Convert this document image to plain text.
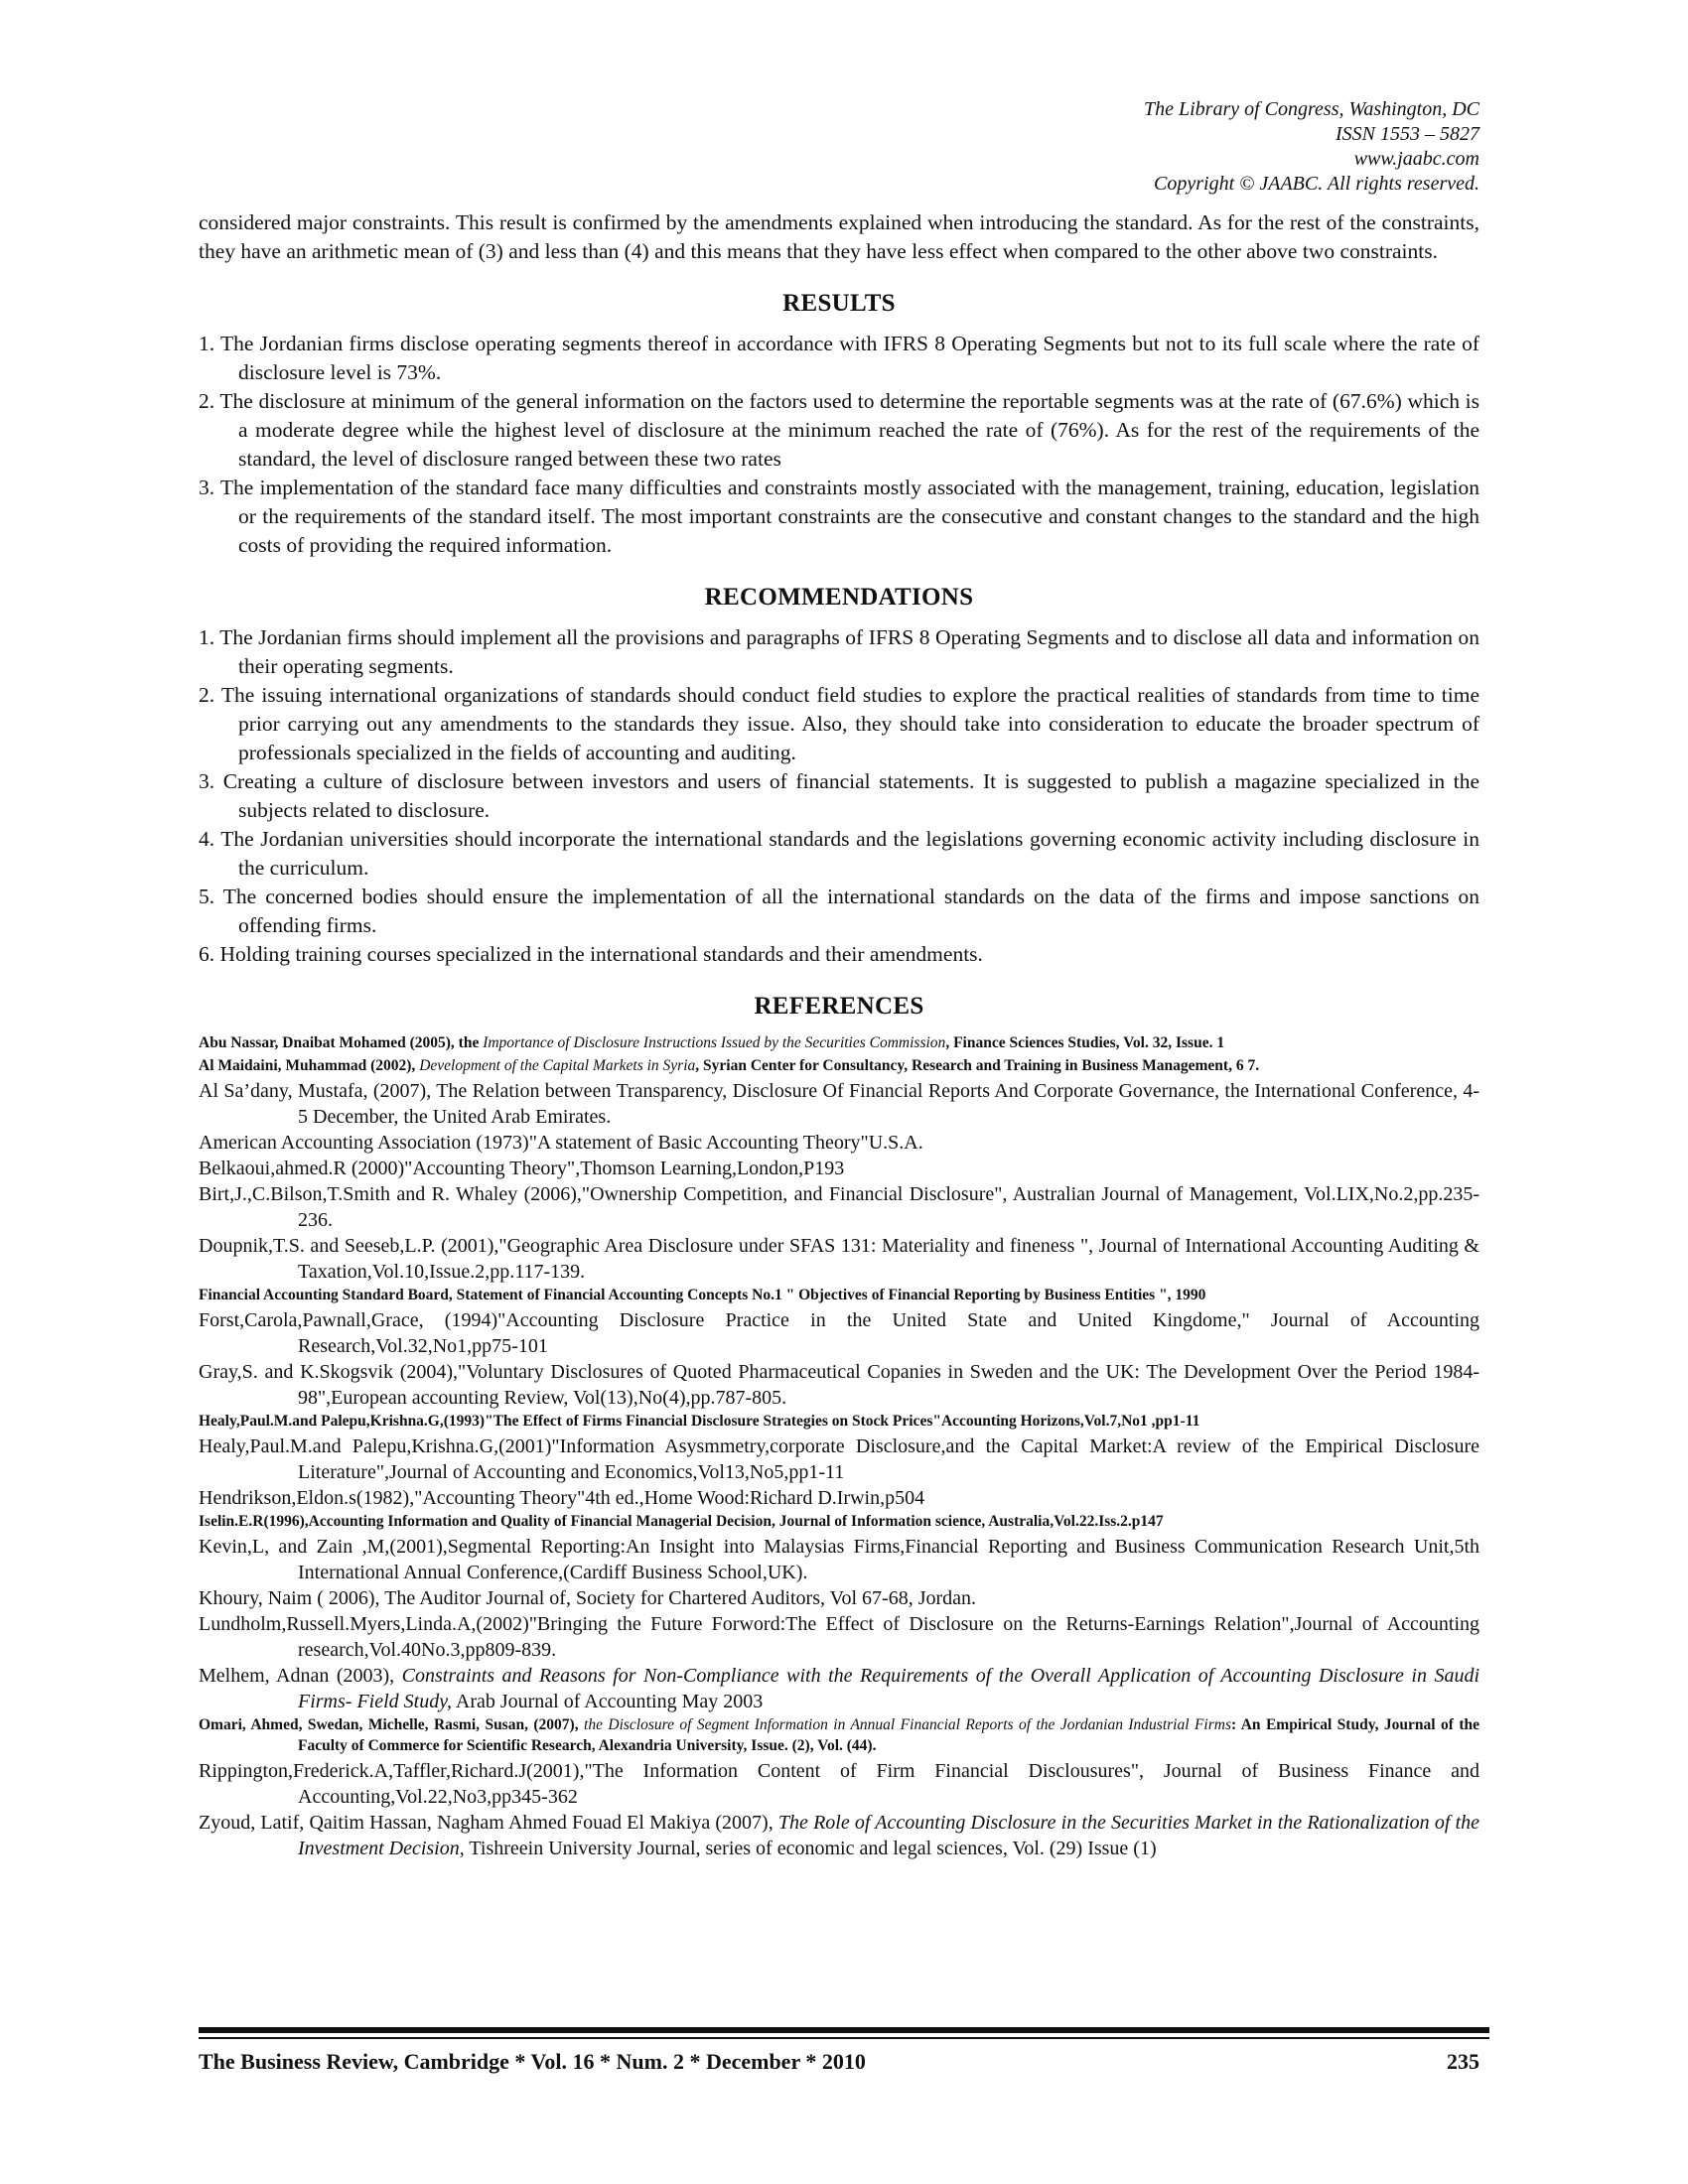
The Library of Congress, Washington, DC
ISSN 1553 – 5827
www.jaabc.com
Copyright © JAABC. All rights reserved.

considered major constraints. This result is confirmed by the amendments explained when introducing the standard. As for the rest of the constraints, they have an arithmetic mean of (3) and less than (4) and this means that they have less effect when compared to the other above two constraints.

RESULTS
1. The Jordanian firms disclose operating segments thereof in accordance with IFRS 8 Operating Segments but not to its full scale where the rate of disclosure level is 73%.
2. The disclosure at minimum of the general information on the factors used to determine the reportable segments was at the rate of (67.6%) which is a moderate degree while the highest level of disclosure at the minimum reached the rate of (76%). As for the rest of the requirements of the standard, the level of disclosure ranged between these two rates
3. The implementation of the standard face many difficulties and constraints mostly associated with the management, training, education, legislation or the requirements of the standard itself. The most important constraints are the consecutive and constant changes to the standard and the high costs of providing the required information.
RECOMMENDATIONS
1. The Jordanian firms should implement all the provisions and paragraphs of IFRS 8 Operating Segments and to disclose all data and information on their operating segments.
2. The issuing international organizations of standards should conduct field studies to explore the practical realities of standards from time to time prior carrying out any amendments to the standards they issue. Also, they should take into consideration to educate the broader spectrum of professionals specialized in the fields of accounting and auditing.
3. Creating a culture of disclosure between investors and users of financial statements. It is suggested to publish a magazine specialized in the subjects related to disclosure.
4. The Jordanian universities should incorporate the international standards and the legislations governing economic activity including disclosure in the curriculum.
5. The concerned bodies should ensure the implementation of all the international standards on the data of the firms and impose sanctions on offending firms.
6. Holding training courses specialized in the international standards and their amendments.
REFERENCES
Abu Nassar, Dnaibat Mohamed (2005), the Importance of Disclosure Instructions Issued by the Securities Commission, Finance Sciences Studies, Vol. 32, Issue. 1
Al Maidaini, Muhammad (2002), Development of the Capital Markets in Syria, Syrian Center for Consultancy, Research and Training in Business Management, 6 7.
Al Sa’dany, Mustafa, (2007), The Relation between Transparency, Disclosure Of Financial Reports And Corporate Governance, the International Conference, 4-5 December, the United Arab Emirates.
American Accounting Association (1973)"A statement of Basic Accounting Theory"U.S.A.
Belkaoui,ahmed.R (2000)"Accounting Theory",Thomson Learning,London,P193
Birt,J.,C.Bilson,T.Smith and R. Whaley (2006),"Ownership Competition, and Financial Disclosure", Australian Journal of Management, Vol.LIX,No.2,pp.235-236.
Doupnik,T.S. and Seeseb,L.P. (2001),"Geographic Area Disclosure under SFAS 131: Materiality and fineness ", Journal of International Accounting Auditing & Taxation,Vol.10,Issue.2,pp.117-139.
Financial Accounting Standard Board, Statement of Financial Accounting Concepts No.1 " Objectives of Financial Reporting by Business Entities ", 1990
Forst,Carola,Pawnall,Grace, (1994)"Accounting Disclosure Practice in the United State and United Kingdome," Journal of Accounting Research,Vol.32,No1,pp75-101
Gray,S. and K.Skogsvik (2004),"Voluntary Disclosures of Quoted Pharmaceutical Copanies in Sweden and the UK: The Development Over the Period 1984-98",European accounting Review, Vol(13),No(4),pp.787-805.
Healy,Paul.M.and Palepu,Krishna.G,(1993)"The Effect of Firms Financial Disclosure Strategies on Stock Prices"Accounting Horizons,Vol.7,No1 ,pp1-11
Healy,Paul.M.and Palepu,Krishna.G,(2001)"Information Asysmmetry,corporate Disclosure,and the Capital Market:A review of the Empirical Disclosure Literature",Journal of Accounting and Economics,Vol13,No5,pp1-11
Hendrikson,Eldon.s(1982),"Accounting Theory"4th ed.,Home Wood:Richard D.Irwin,p504
Iselin.E.R(1996),Accounting Information and Quality of Financial Managerial Decision, Journal of Information science, Australia,Vol.22.Iss.2.p147
Kevin,L, and Zain ,M,(2001),Segmental Reporting:An Insight into Malaysias Firms,Financial Reporting and Business Communication Research Unit,5th International Annual Conference,(Cardiff Business School,UK).
Khoury, Naim ( 2006), The Auditor Journal of, Society for Chartered Auditors, Vol 67-68, Jordan.
Lundholm,Russell.Myers,Linda.A,(2002)"Bringing the Future Forword:The Effect of Disclosure on the Returns-Earnings Relation",Journal of Accounting research,Vol.40No.3,pp809-839.
Melhem, Adnan (2003), Constraints and Reasons for Non-Compliance with the Requirements of the Overall Application of Accounting Disclosure in Saudi Firms- Field Study, Arab Journal of Accounting May 2003
Omari, Ahmed, Swedan, Michelle, Rasmi, Susan, (2007), the Disclosure of Segment Information in Annual Financial Reports of the Jordanian Industrial Firms: An Empirical Study, Journal of the Faculty of Commerce for Scientific Research, Alexandria University, Issue. (2), Vol. (44).
Rippington,Frederick.A,Taffler,Richard.J(2001),"The Information Content of Firm Financial Disclousures", Journal of Business Finance and Accounting,Vol.22,No3,pp345-362
Zyoud, Latif, Qaitim Hassan, Nagham Ahmed Fouad El Makiya (2007), The Role of Accounting Disclosure in the Securities Market in the Rationalization of the Investment Decision, Tishreein University Journal, series of economic and legal sciences, Vol. (29) Issue (1)
The Business Review, Cambridge * Vol. 16 * Num. 2 * December * 2010	235
